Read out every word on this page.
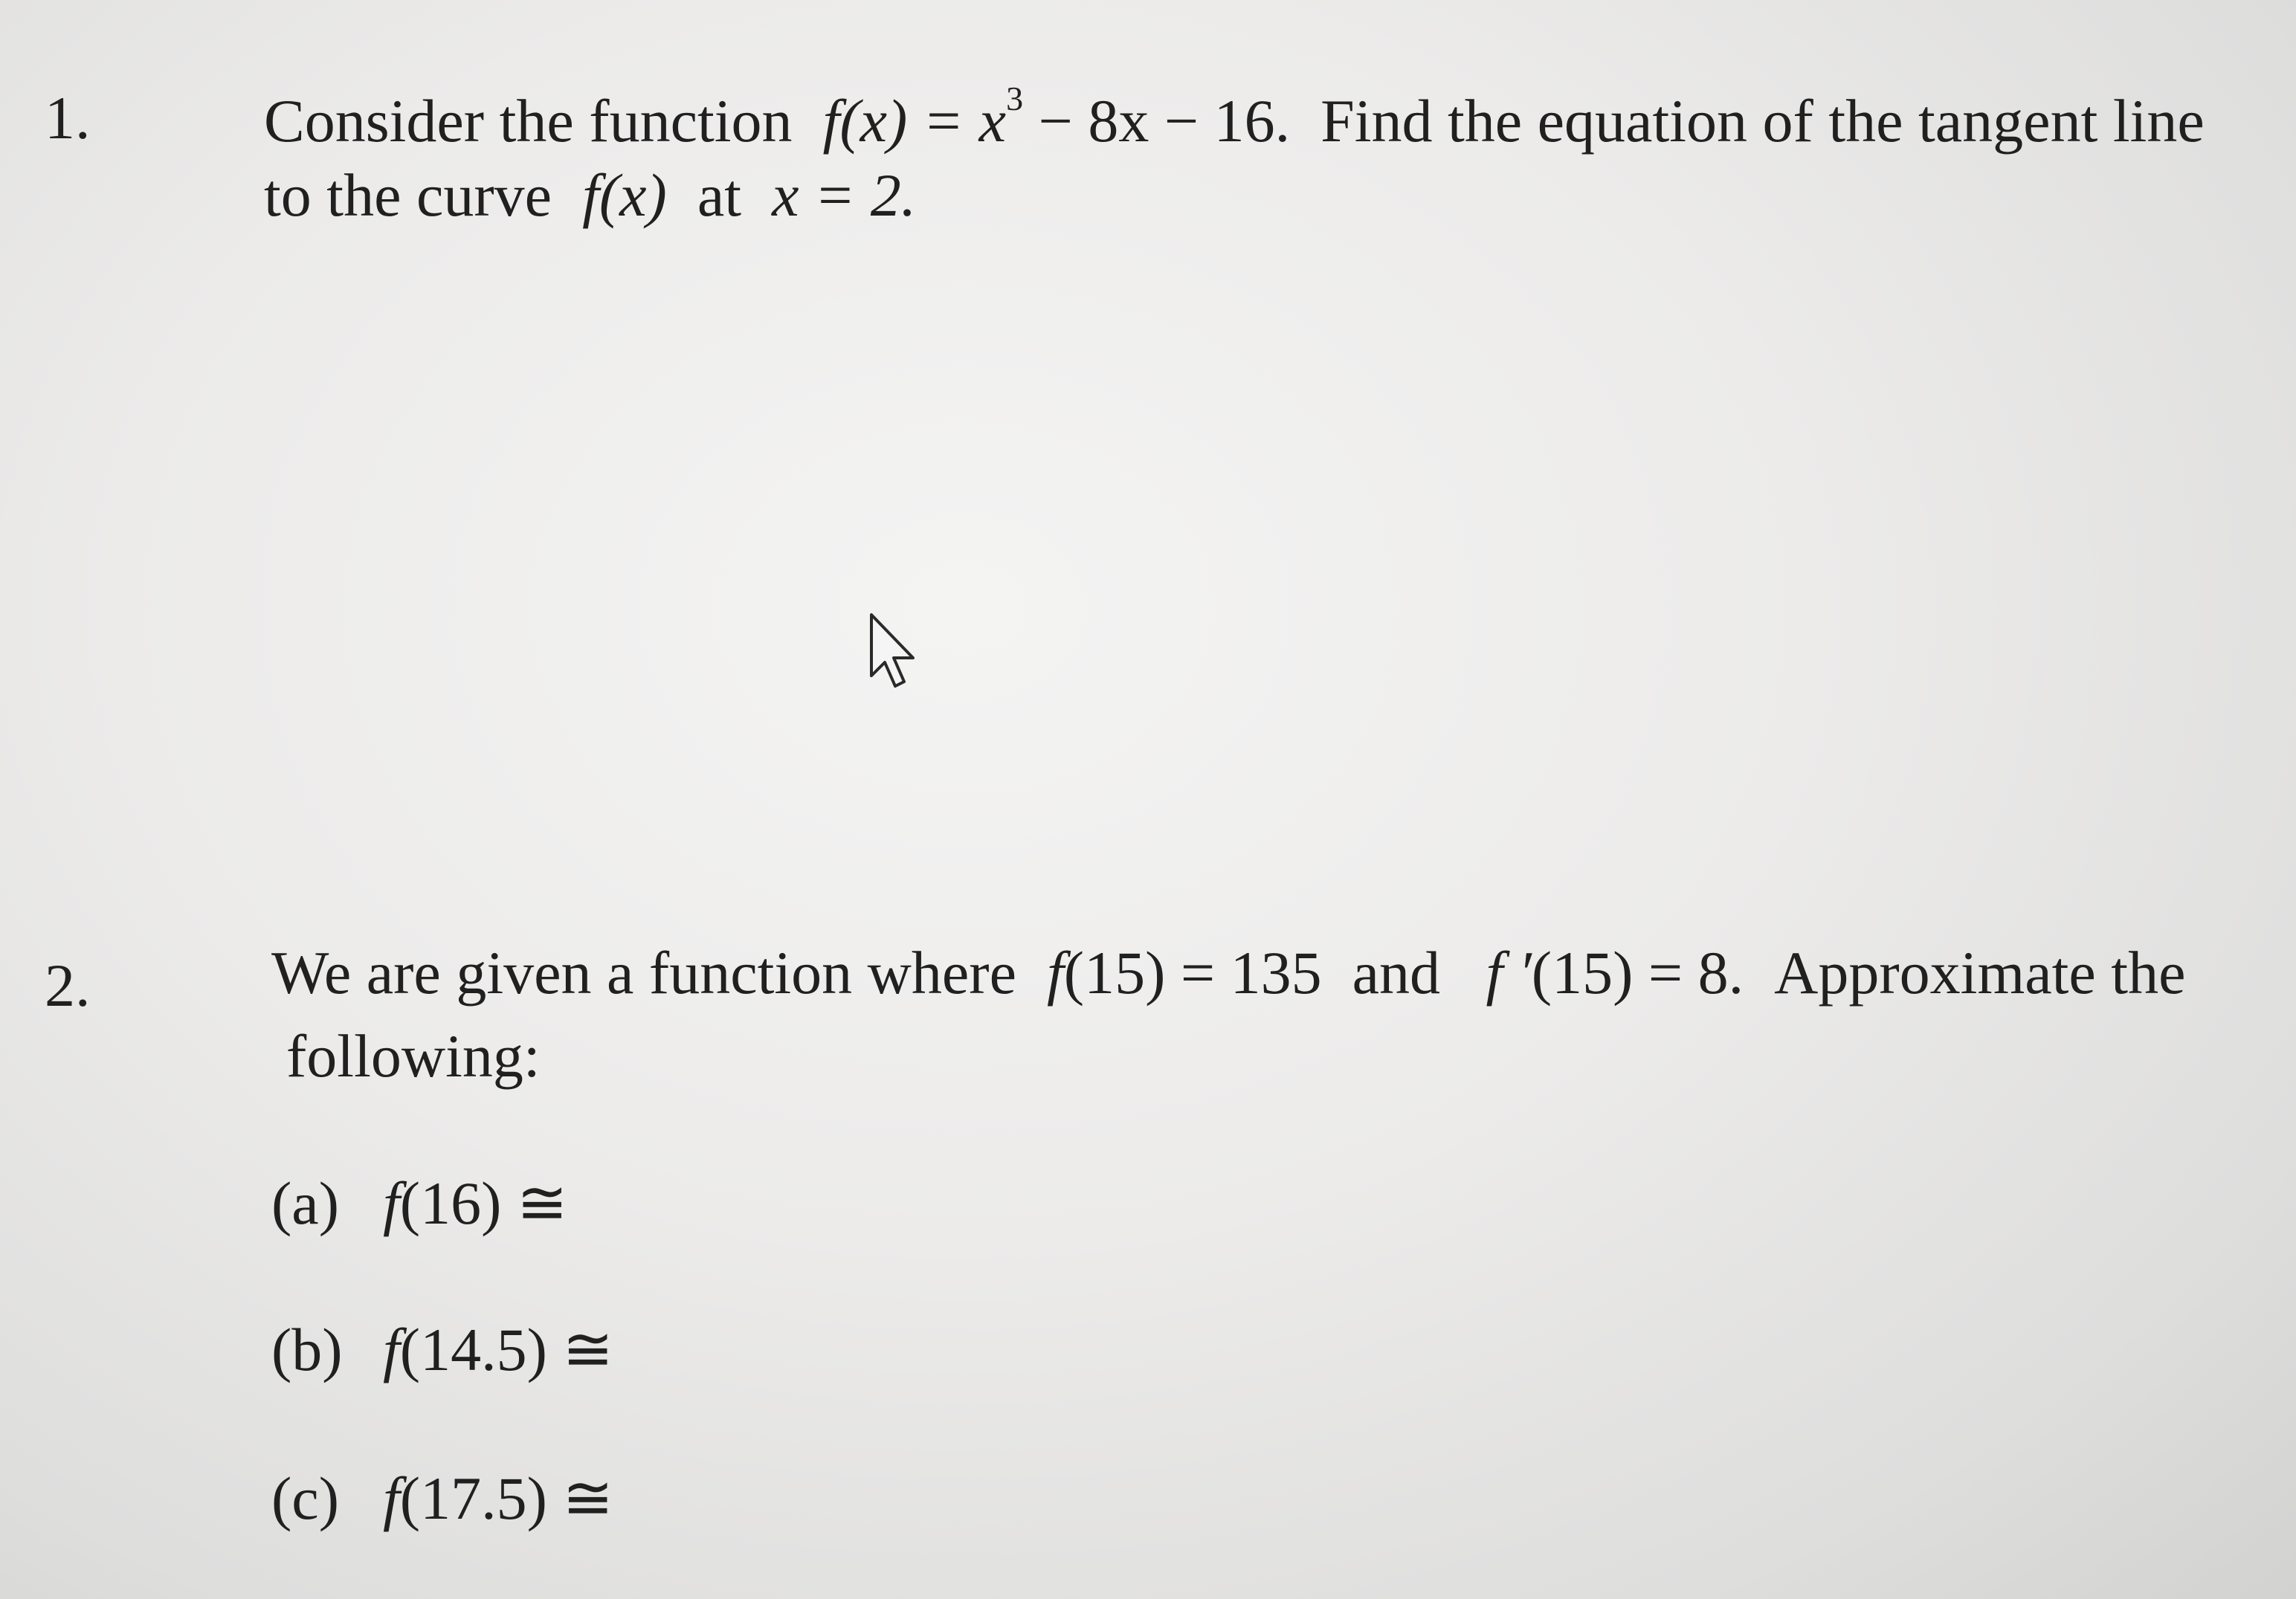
1.	Consider the function $f(x) = x^3 - 8x - 16$. Find the equation of the tangent line
to the curve f(x) at x = 2.
2.	We are given a function where f(15) = 135 and f ′(15) = 8. Approximate the
following:
(a) f(16) ≅
(b) f(14.5) ≅
(c) f(17.5) ≅
